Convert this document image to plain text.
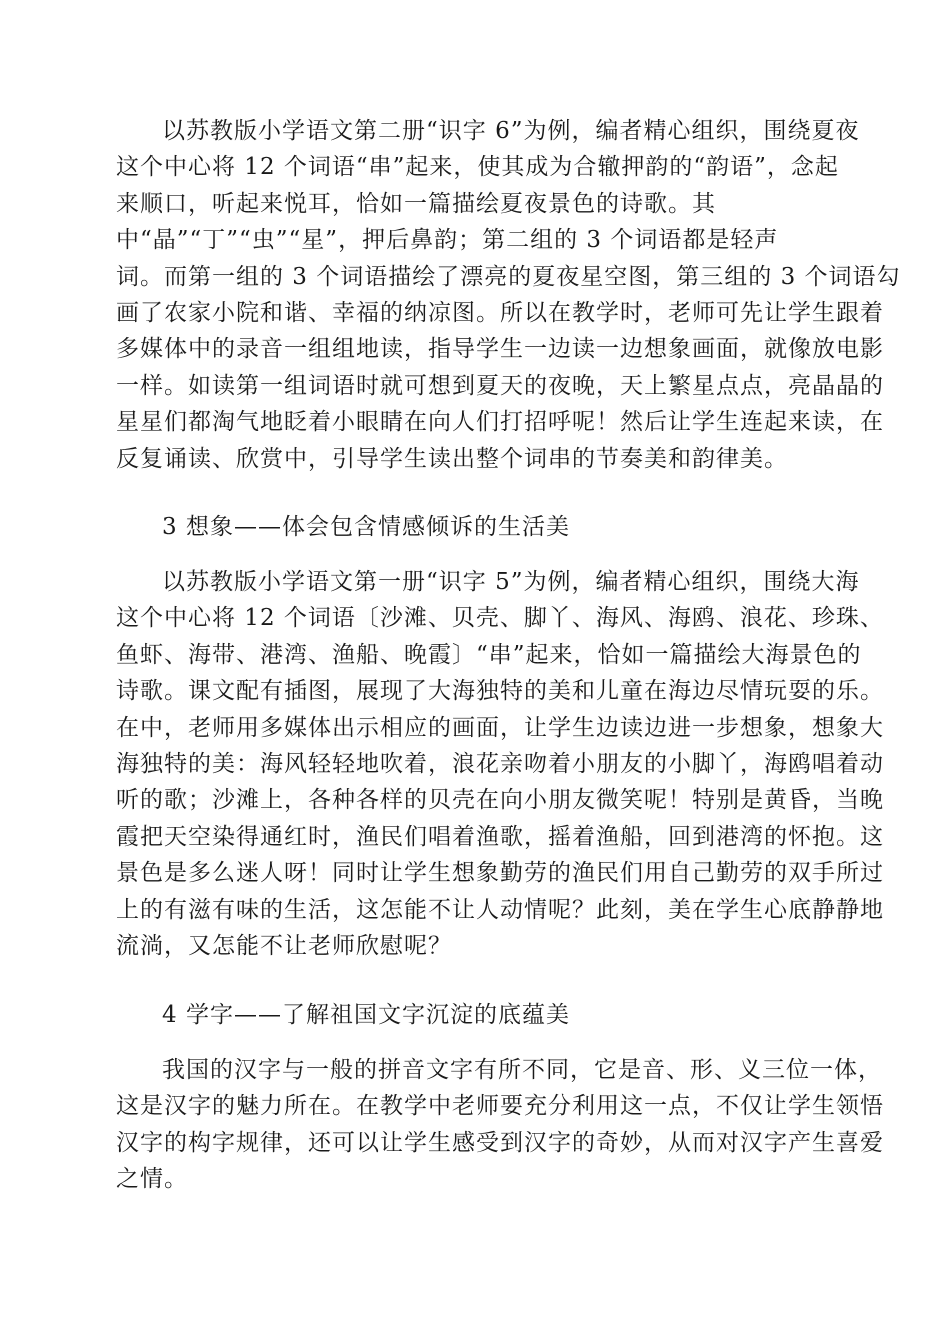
以苏教版小学语文第二册“识字 6”为例，编者精心组织，围绕夏夜
这个中心将 12 个词语“串”起来，使其成为合辙押韵的“韵语”，念起
来顺口，听起来悦耳，恰如一篇描绘夏夜景色的诗歌。其
中“晶”“丁”“虫”“星”，押后鼻韵；第二组的 3 个词语都是轻声
词。而第一组的 3 个词语描绘了漂亮的夏夜星空图，第三组的 3 个词语勾
画了农家小院和谐、幸福的纳凉图。所以在教学时，老师可先让学生跟着
多媒体中的录音一组组地读，指导学生一边读一边想象画面，就像放电影
一样。如读第一组词语时就可想到夏天的夜晚，天上繁星点点，亮晶晶的
星星们都淘气地眨着小眼睛在向人们打招呼呢！然后让学生连起来读，在
反复诵读、欣赏中，引导学生读出整个词串的节奏美和韵律美。
3 想象——体会包含情感倾诉的生活美
以苏教版小学语文第一册“识字 5”为例，编者精心组织，围绕大海
这个中心将 12 个词语〔沙滩、贝壳、脚丫、海风、海鸥、浪花、珍珠、
鱼虾、海带、港湾、渔船、晚霞〕“串”起来，恰如一篇描绘大海景色的
诗歌。课文配有插图，展现了大海独特的美和儿童在海边尽情玩耍的乐。
在中，老师用多媒体出示相应的画面，让学生边读边进一步想象，想象大
海独特的美：海风轻轻地吹着，浪花亲吻着小朋友的小脚丫，海鸥唱着动
听的歌；沙滩上，各种各样的贝壳在向小朋友微笑呢！特别是黄昏，当晚
霞把天空染得通红时，渔民们唱着渔歌，摇着渔船，回到港湾的怀抱。这
景色是多么迷人呀！同时让学生想象勤劳的渔民们用自己勤劳的双手所过
上的有滋有味的生活，这怎能不让人动情呢？此刻，美在学生心底静静地
流淌，又怎能不让老师欣慰呢？
4 学字——了解祖国文字沉淀的底蕴美
我国的汉字与一般的拼音文字有所不同，它是音、形、义三位一体，
这是汉字的魅力所在。在教学中老师要充分利用这一点，不仅让学生领悟
汉字的构字规律，还可以让学生感受到汉字的奇妙，从而对汉字产生喜爱
之情。
